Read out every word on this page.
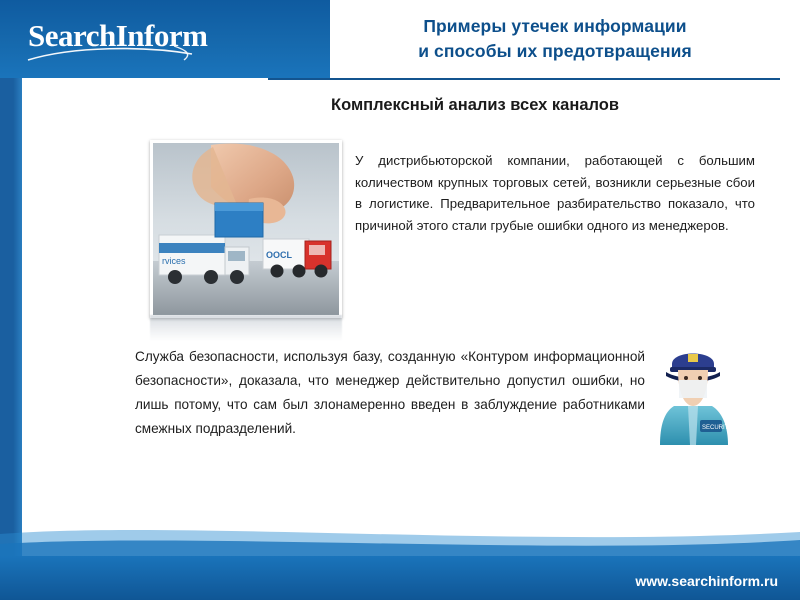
SearchInform	Примеры утечек информации
и способы их предотвращения
Комплексный анализ всех каналов
rvices
OOCL
У дистрибьюторской компании, работающей с большим количеством крупных торговых сетей, возникли серьезные сбои в логистике. Предварительное разбирательство показало, что причиной этого стали грубые ошибки одного из менеджеров.
Служба безопасности, используя базу, созданную «Контуром информационной безопасности», доказала, что менеджер действительно допустил ошибки, но лишь потому, что сам был злонамеренно введен в заблуждение работниками смежных подразделений.	SECURITY
www.searchinform.ru
